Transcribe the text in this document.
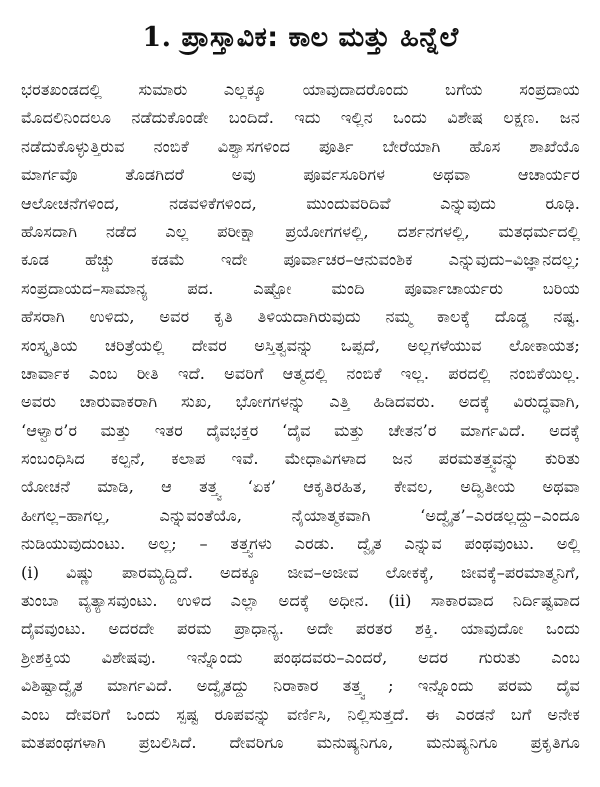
1. ಪ್ರಾಸ್ತಾವಿಕ: ಕಾಲ ಮತ್ತು ಹಿನ್ನೆಲೆ
ಭರತಖಂಡದಲ್ಲಿ ಸುಮಾರು ಎಲ್ಲಕ್ಕೂ ಯಾವುದಾದರೊಂದು ಬಗೆಯ ಸಂಪ್ರದಾಯ
ಮೊದಲಿನಿಂದಲೂ ನಡೆದುಕೊಂಡೇ ಬಂದಿದೆ. ಇದು ಇಲ್ಲಿನ ಒಂದು ವಿಶೇಷ ಲಕ್ಷಣ. ಜನ
ನಡೆದುಕೊಳ್ಳುತ್ತಿರುವ ನಂಬಿಕೆ ವಿಶ್ವಾಸಗಳಿಂದ ಪೂರ್ತಿ ಬೇರೆಯಾಗಿ ಹೊಸ ಶಾಖೆಯೊ
ಮಾರ್ಗವೊ ತೊಡಗಿದರೆ ಅವು ಪೂರ್ವಸೂರಿಗಳ ಅಥವಾ ಆಚಾರ್ಯರ
ಆಲೋಚನೆಗಳಿಂದ, ನಡವಳಿಕೆಗಳಿಂದ, ಮುಂದುವರಿದಿವೆ ಎನ್ನುವುದು ರೂಢಿ.
ಹೊಸದಾಗಿ ನಡೆದ ಎಲ್ಲ ಪರೀಕ್ಷಾ ಪ್ರಯೋಗಗಳಲ್ಲಿ, ದರ್ಶನಗಳಲ್ಲಿ, ಮತಧರ್ಮದಲ್ಲಿ
ಕೂಡ ಹೆಚ್ಚು ಕಡಮೆ ಇದೇ ಪೂರ್ವಾಚರ–ಆನುವಂಶಿಕ ಎನ್ನುವುದು–ವಿಜ್ಞಾನದಲ್ಲ;
ಸಂಪ್ರದಾಯದ–ಸಾಮಾನ್ಯ ಪದ. ಎಷ್ಟೋ ಮಂದಿ ಪೂರ್ವಾಚಾರ್ಯರು ಬರಿಯ
ಹೆಸರಾಗಿ ಉಳಿದು, ಅವರ ಕೃತಿ ತಿಳಿಯದಾಗಿರುವುದು ನಮ್ಮ ಕಾಲಕ್ಕೆ ದೊಡ್ಡ ನಷ್ಟ.
ಸಂಸ್ಕೃತಿಯ ಚರಿತ್ರೆಯಲ್ಲಿ ದೇವರ ಅಸ್ತಿತ್ವವನ್ನು ಒಪ್ಪದೆ, ಅಲ್ಲಗಳೆಯುವ ಲೋಕಾಯತ;
ಚಾರ್ವಾಕ ಎಂಬ ರೀತಿ ಇದೆ. ಅವರಿಗೆ ಆತ್ಮದಲ್ಲಿ ನಂಬಿಕೆ ಇಲ್ಲ. ಪರದಲ್ಲಿ ನಂಬಿಕೆಯಿಲ್ಲ.
ಅವರು ಚಾರುವಾಕರಾಗಿ ಸುಖ, ಭೋಗಗಳನ್ನು ಎತ್ತಿ ಹಿಡಿದವರು. ಅದಕ್ಕೆ ವಿರುದ್ಧವಾಗಿ,
‘ಆಳ್ವಾರ’ರ ಮತ್ತು ಇತರ ದೈವಭಕ್ತರ ‘ದೈವ ಮತ್ತು ಚೇತನ’ರ ಮಾರ್ಗವಿದೆ. ಅದಕ್ಕೆ
ಸಂಬಂಧಿಸಿದ ಕಲ್ಪನೆ, ಕಲಾಪ ಇವೆ. ಮೇಧಾವಿಗಳಾದ ಜನ ಪರಮತತ್ತ್ವವನ್ನು ಕುರಿತು
ಯೋಚನೆ ಮಾಡಿ, ಆ ತತ್ತ್ವ ‘ಏಕ’ ಆಕೃತಿರಹಿತ, ಕೇವಲ, ಅದ್ವಿತೀಯ ಅಥವಾ
ಹೀಗಲ್ಲ–ಹಾಗಲ್ಲ, ಎನ್ನುವಂತೆಯೊ, ನೈಯಾತ್ಮಕವಾಗಿ ‘ಅದ್ವೈತ’–ಎರಡಲ್ಲದ್ದು–ಎಂದೂ
ನುಡಿಯುವುದುಂಟು. ಅಲ್ಲ; – ತತ್ತ್ವಗಳು ಎರಡು. ದ್ವೈತ ಎನ್ನುವ ಪಂಥವುಂಟು. ಅಲ್ಲಿ
(i) ವಿಷ್ಣು ಪಾರಮ್ಯದ್ದಿದೆ. ಅದಕ್ಕೂ ಜೀವ–ಅಜೀವ ಲೋಕಕ್ಕೆ, ಜೀವಕ್ಕೆ–ಪರಮಾತ್ಮನಿಗೆ,
ತುಂಬಾ ವ್ಯತ್ಯಾಸವುಂಟು. ಉಳಿದ ಎಲ್ಲಾ ಅದಕ್ಕೆ ಅಧೀನ. (ii) ಸಾಕಾರವಾದ ನಿರ್ದಿಷ್ಟವಾದ
ದೈವವುಂಟು. ಅದರದೇ ಪರಮ ಪ್ರಾಧಾನ್ಯ. ಅದೇ ಪರತರ ಶಕ್ತಿ. ಯಾವುದೋ ಒಂದು
ಶ್ರೀಶಕ್ತಿಯ ವಿಶೇಷವು. ಇನ್ನೊಂದು ಪಂಥದವರು–ಎಂದರೆ, ಅದರ ಗುರುತು ಎಂಬ
ವಿಶಿಷ್ಟಾದ್ವೈತ ಮಾರ್ಗವಿದೆ. ಅದ್ವೈತದ್ದು ನಿರಾಕಾರ ತತ್ತ್ವ ; ಇನ್ನೊಂದು ಪರಮ ದೈವ
ಎಂಬ ದೇವರಿಗೆ ಒಂದು ಸ್ಪಷ್ಟ ರೂಪವನ್ನು ವರ್ಣಿಸಿ, ನಿಲ್ಲಿಸುತ್ತದೆ. ಈ ಎರಡನೆ ಬಗೆ ಅನೇಕ
ಮತಪಂಥಗಳಾಗಿ ಪ್ರಬಲಿಸಿದೆ. ದೇವರಿಗೂ ಮನುಷ್ಯನಿಗೂ, ಮನುಷ್ಯನಿಗೂ ಪ್ರಕೃತಿಗೂ
